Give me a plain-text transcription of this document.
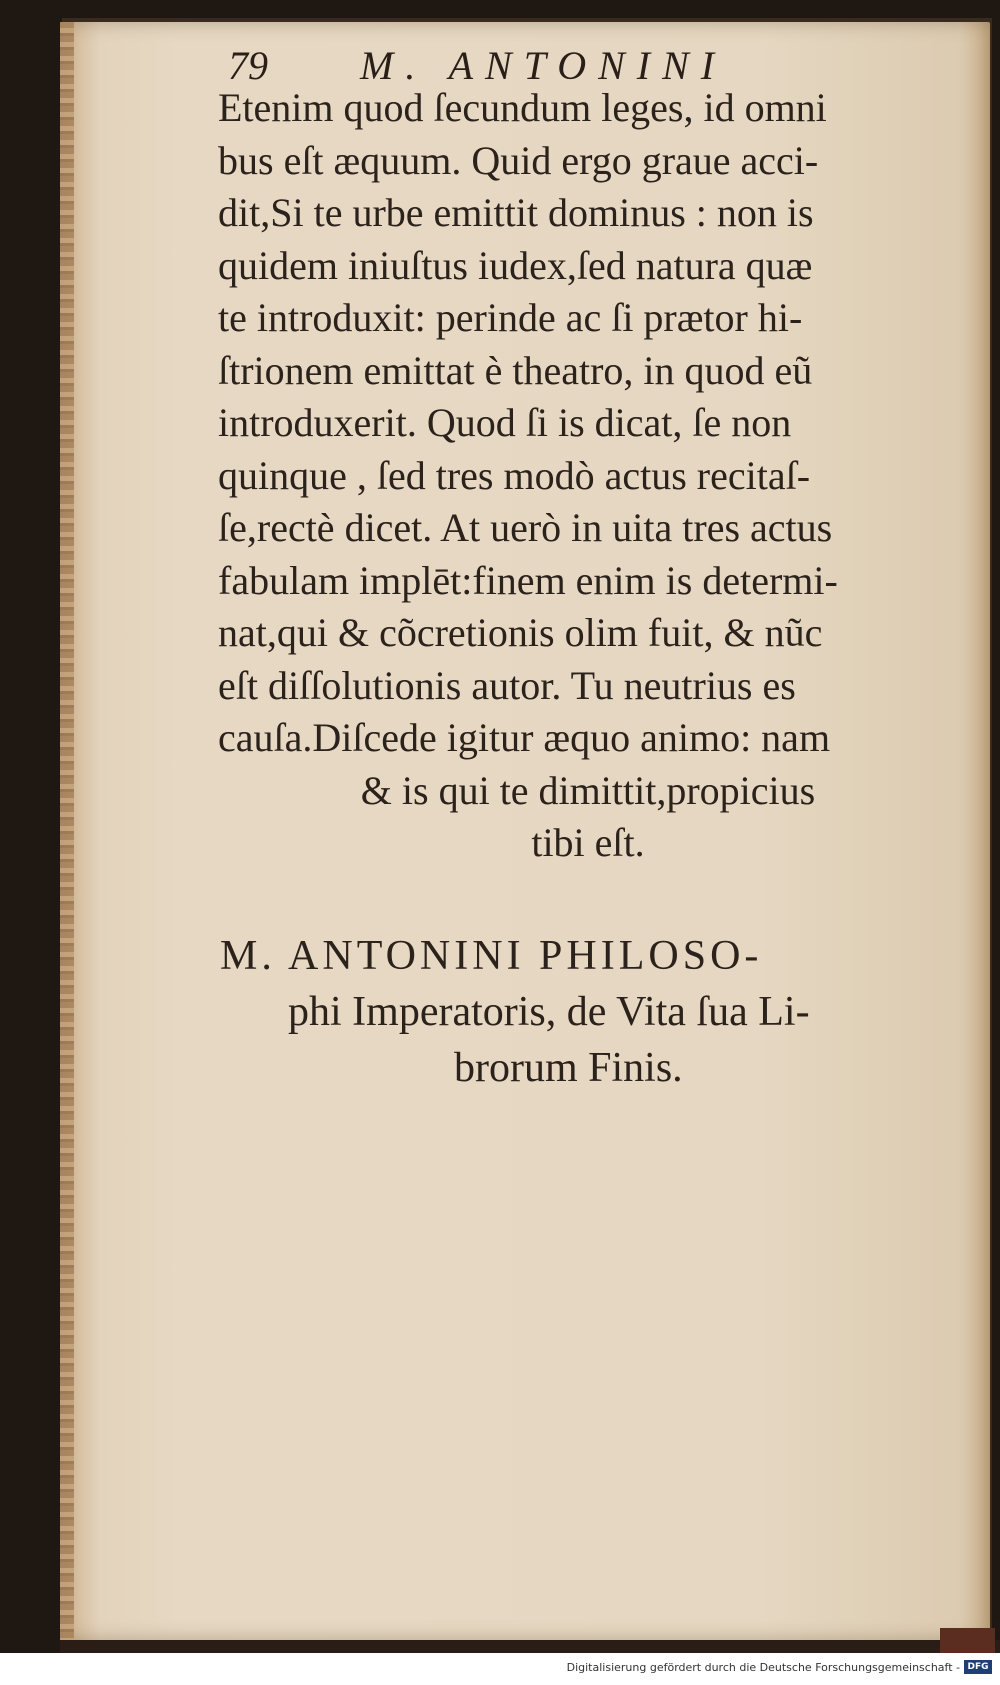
79 M. ANTONINI
Etenim quod ſecundum leges, id omni
bus eſt æquum. Quid ergo graue acci-
dit,Si te urbe emittit dominus : non is
quidem iniuſtus iudex,ſed natura quæ
te introduxit: perinde ac ſi prætor hi-
ſtrionem emittat è theatro, in quod eũ
introduxerit. Quod ſi is dicat, ſe non
quinque , ſed tres modò actus recitaſ-
ſe,rectè dicet. At uerò in uita tres actus
fabulam implēt:finem enim is determi-
nat,qui & cõcretionis olim fuit, & nũc
eſt diſſolutionis autor. Tu neutrius es
cauſa.Diſcede igitur æquo animo: nam
& is qui te dimittit,propicius
tibi eſt.
M. ANTONINI PHILOSO-
phi Imperatoris, de Vita ſua Li-
brorum Finis.
Digitalisierung gefördert durch die Deutsche Forschungsgemeinschaft - DFG
